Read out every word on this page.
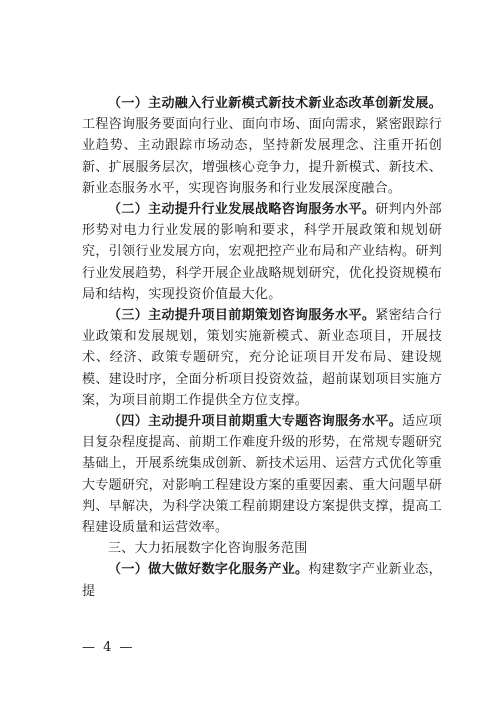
（一）主动融入行业新模式新技术新业态改革创新发展。工程咨询服务要面向行业、面向市场、面向需求，紧密跟踪行业趋势、主动跟踪市场动态，坚持新发展理念、注重开拓创新、扩展服务层次，增强核心竞争力，提升新模式、新技术、新业态服务水平，实现咨询服务和行业发展深度融合。

（二）主动提升行业发展战略咨询服务水平。研判内外部形势对电力行业发展的影响和要求，科学开展政策和规划研究，引领行业发展方向，宏观把控产业布局和产业结构。研判行业发展趋势，科学开展企业战略规划研究，优化投资规模布局和结构，实现投资价值最大化。

（三）主动提升项目前期策划咨询服务水平。紧密结合行业政策和发展规划，策划实施新模式、新业态项目，开展技术、经济、政策专题研究，充分论证项目开发布局、建设规模、建设时序，全面分析项目投资效益，超前谋划项目实施方案，为项目前期工作提供全方位支撑。

（四）主动提升项目前期重大专题咨询服务水平。适应项目复杂程度提高、前期工作难度升级的形势，在常规专题研究基础上，开展系统集成创新、新技术运用、运营方式优化等重大专题研究，对影响工程建设方案的重要因素、重大问题早研判、早解决，为科学决策工程前期建设方案提供支撑，提高工程建设质量和运营效率。

三、大力拓展数字化咨询服务范围

（一）做大做好数字化服务产业。构建数字产业新业态，提

— 4 —
